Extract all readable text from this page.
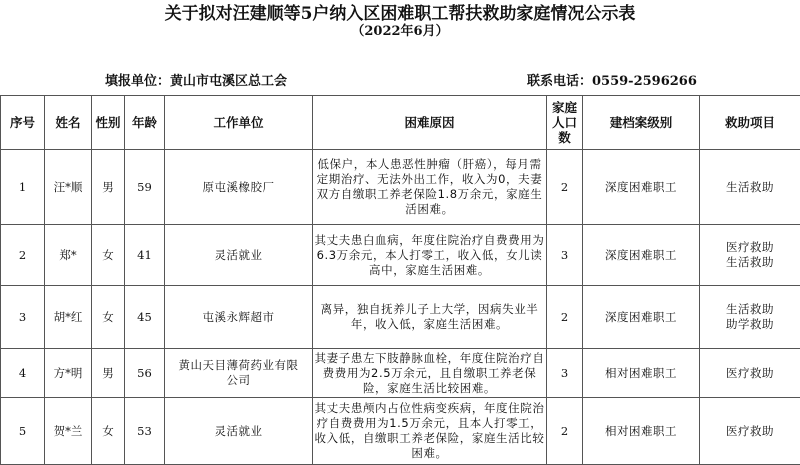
关于拟对汪建顺等5户纳入区困难职工帮扶救助家庭情况公示表
（2022年6月）
填报单位：黄山市屯溪区总工会	联系电话：0559-2596266
序号	姓名	性别	年龄	工作单位	困难原因	家庭人口数	建档案级别	救助项目
1	汪*顺	男	59	原屯溪橡胶厂	低保户，本人患恶性肿瘤（肝癌），每月需定期治疗、无法外出工作，收入为0，夫妻双方自缴职工养老保险1.8万余元，家庭生活困难。	2	深度困难职工	生活救助

2	郑*	女	41	灵活就业	其丈夫患白血病，年度住院治疗自费费用为6.3万余元，本人打零工，收入低，女儿读高中，家庭生活困难。	3	深度困难职工	医疗救助
生活救助

3	胡*红	女	45	屯溪永辉超市	离异，独自抚养儿子上大学，因病失业半年，收入低，家庭生活困难。	2	深度困难职工	生活救助
助学救助

4	方*明	男	56	黄山天目薄荷药业有限公司	其妻子患左下肢静脉血栓，年度住院治疗自费费用为2.5万余元，且自缴职工养老保险，家庭生活比较困难。	3	相对困难职工	医疗救助

5	贺*兰	女	53	灵活就业	其丈夫患颅内占位性病变疾病，年度住院治疗自费费用为1.5万余元，且本人打零工，收入低，自缴职工养老保险，家庭生活比较困难。	2	相对困难职工	医疗救助
